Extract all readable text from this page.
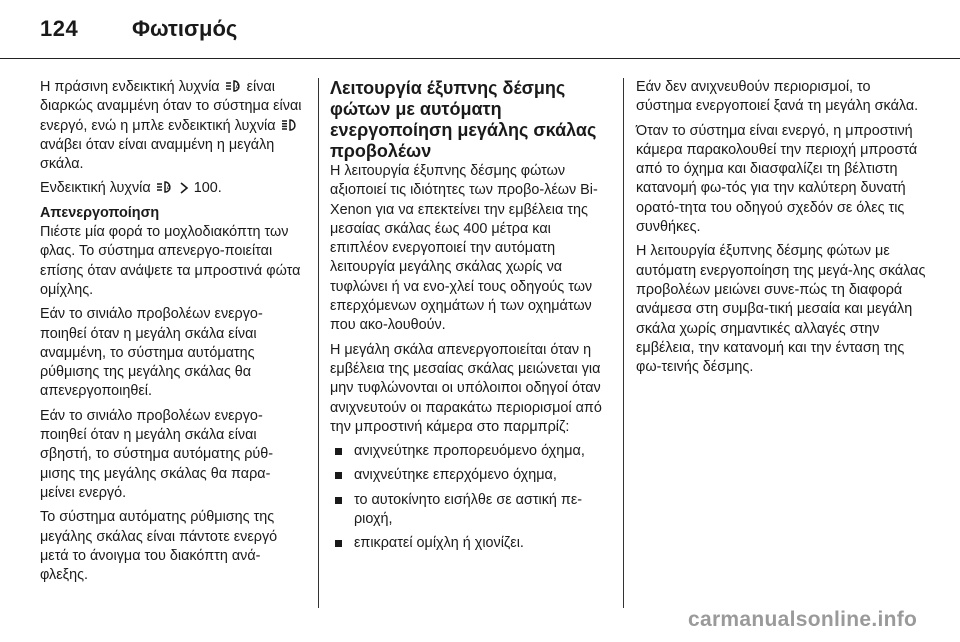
124 Φωτισμός

Η πράσινη ενδεικτική λυχνία	A είναι διαρκώς αναμμένη όταν το σύστημα είναι ενεργό, ενώ η μπλε ενδεικτική λυχνία  ανάβει όταν είναι αναμμένη η μεγάλη σκάλα.

Ενδεικτική λυχνία	A 100.

Απενεργοποίηση

Πιέστε μία φορά το μοχλοδιακόπτη των φλας. Το σύστημα απενεργο-ποιείται επίσης όταν ανάψετε τα μπροστινά φώτα ομίχλης.

Εάν το σινιάλο προβολέων ενεργο-ποιηθεί όταν η μεγάλη σκάλα είναι αναμμένη, το σύστημα αυτόματης ρύθμισης της μεγάλης σκάλας θα απενεργοποιηθεί.

Εάν το σινιάλο προβολέων ενεργο-ποιηθεί όταν η μεγάλη σκάλα είναι σβηστή, το σύστημα αυτόματης ρύθ-μισης της μεγάλης σκάλας θα παρα-μείνει ενεργό.

Το σύστημα αυτόματης ρύθμισης της μεγάλης σκάλας είναι πάντοτε ενεργό μετά το άνοιγμα του διακόπτη ανά-φλεξης.

Λειτουργία έξυπνης δέσμης φώτων με αυτόματη ενεργοποίηση μεγάλης σκάλας προβολέων

Η λειτουργία έξυπνης δέσμης φώτων αξιοποιεί τις ιδιότητες των προβο-λέων Bi-Xenon για να επεκτείνει την εμβέλεια της μεσαίας σκάλας έως 400 μέτρα και επιπλέον ενεργοποιεί την αυτόματη λειτουργία μεγάλης σκάλας χωρίς να τυφλώνει ή να ενο-χλεί τους οδηγούς των επερχόμενων οχημάτων ή των οχημάτων που ακο-λουθούν.

Η μεγάλη σκάλα απενεργοποιείται όταν η εμβέλεια της μεσαίας σκάλας μειώνεται για μην τυφλώνονται οι υπόλοιποι οδηγοί όταν ανιχνευτούν οι παρακάτω περιορισμοί από την μπροστινή κάμερα στο παρμπρίζ:

ανιχνεύτηκε προπορευόμενο όχημα,
ανιχνεύτηκε επερχόμενο όχημα,
το αυτοκίνητο εισήλθε σε αστική πε-ριοχή,
επικρατεί ομίχλη ή χιονίζει.

Εάν δεν ανιχνευθούν περιορισμοί, το σύστημα ενεργοποιεί ξανά τη μεγάλη σκάλα.

Όταν το σύστημα είναι ενεργό, η μπροστινή κάμερα παρακολουθεί την περιοχή μπροστά από το όχημα και διασφαλίζει τη βέλτιστη κατανομή φω-τός για την καλύτερη δυνατή ορατό-τητα του οδηγού σχεδόν σε όλες τις συνθήκες.

Η λειτουργία έξυπνης δέσμης φώτων με αυτόματη ενεργοποίηση της μεγά-λης σκάλας προβολέων μειώνει συνε-πώς τη διαφορά ανάμεσα στη συμβα-τική μεσαία και μεγάλη σκάλα χωρίς σημαντικές αλλαγές στην εμβέλεια, την κατανομή και την ένταση της φω-τεινής δέσμης.

carmanualsonline.info
